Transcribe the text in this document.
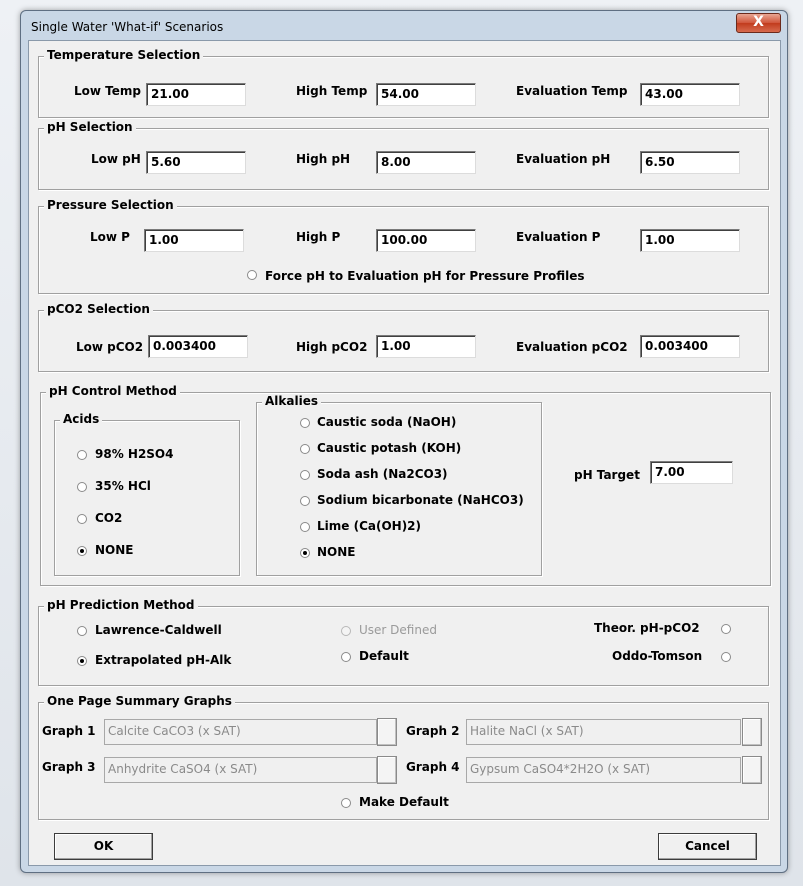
Single Water 'What-if' Scenarios	X
Temperature Selection
Low Temp 21.00	High Temp	54.00	Evaluation Temp	43.00
pH Selection
Low pH 5.60	High pH	8.00	Evaluation pH	6.50
Pressure Selection
Low P	1.00	High P	100.00	Evaluation P	1.00
Force pH to Evaluation pH for Pressure Profiles
pCO2 Selection
Low pCO2 0.003400	High pCO2	1.00	Evaluation pCO2	0.003400
pH Control Method
Acids
98% H2SO4
35% HCl
CO2
NONE
Alkalies
Caustic soda (NaOH)
Caustic potash (KOH)
Soda ash (Na2CO3)
Sodium bicarbonate (NaHCO3)
Lime (Ca(OH)2)
NONE
pH Target	7.00
pH Prediction Method
Lawrence-Caldwell
Extrapolated pH-Alk
User Defined
Default
Theor. pH-pCO2
Oddo-Tomson
One Page Summary Graphs
Graph 1	Calcite CaCO3 (x SAT)	Graph 2 Halite NaCl (x SAT)
Graph 3	Anhydrite CaSO4 (x SAT)	Graph 4 Gypsum CaSO4*2H2O (x SAT)
Make Default
OK	Cancel
